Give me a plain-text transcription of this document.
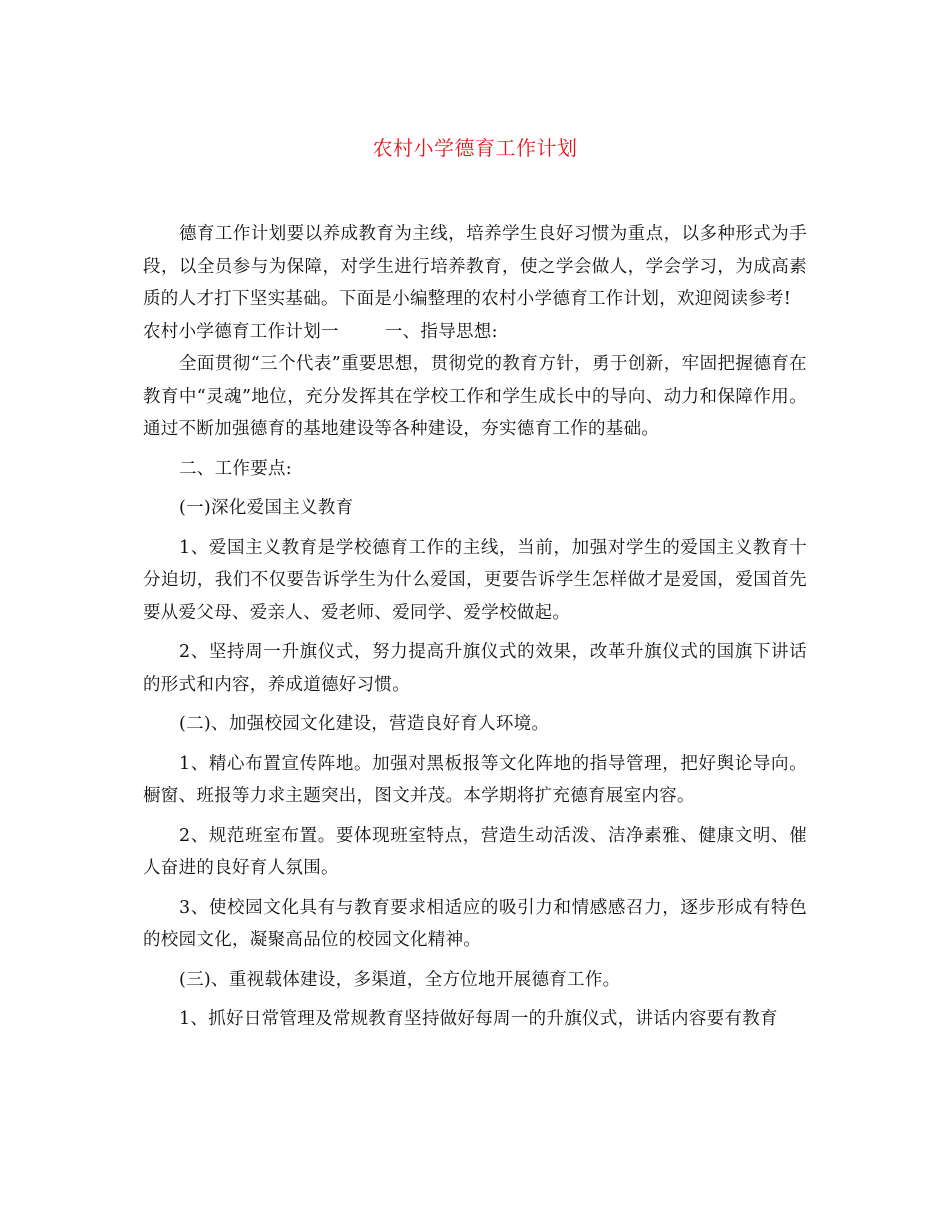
农村小学德育工作计划

德育工作计划要以养成教育为主线，培养学生良好习惯为重点，以多种形式为手段，以全员参与为保障，对学生进行培养教育，使之学会做人，学会学习，为成高素质的人才打下坚实基础。下面是小编整理的农村小学德育工作计划，欢迎阅读参考!

农村小学德育工作计划一	一、指导思想:

全面贯彻“三个代表”重要思想，贯彻党的教育方针，勇于创新，牢固把握德育在教育中“灵魂”地位，充分发挥其在学校工作和学生成长中的导向、动力和保障作用。通过不断加强德育的基地建设等各种建设，夯实德育工作的基础。

二、工作要点:

(一)深化爱国主义教育

1、爱国主义教育是学校德育工作的主线，当前，加强对学生的爱国主义教育十分迫切，我们不仅要告诉学生为什么爱国，更要告诉学生怎样做才是爱国，爱国首先要从爱父母、爱亲人、爱老师、爱同学、爱学校做起。

2、坚持周一升旗仪式，努力提高升旗仪式的效果，改革升旗仪式的国旗下讲话的形式和内容，养成道德好习惯。

(二)、加强校园文化建设，营造良好育人环境。

1、精心布置宣传阵地。加强对黑板报等文化阵地的指导管理，把好舆论导向。橱窗、班报等力求主题突出，图文并茂。本学期将扩充德育展室内容。

2、规范班室布置。要体现班室特点，营造生动活泼、洁净素雅、健康文明、催人奋进的良好育人氛围。

3、使校园文化具有与教育要求相适应的吸引力和情感感召力，逐步形成有特色的校园文化，凝聚高品位的校园文化精神。

(三)、重视载体建设，多渠道，全方位地开展德育工作。

1、抓好日常管理及常规教育坚持做好每周一的升旗仪式，讲话内容要有教育
